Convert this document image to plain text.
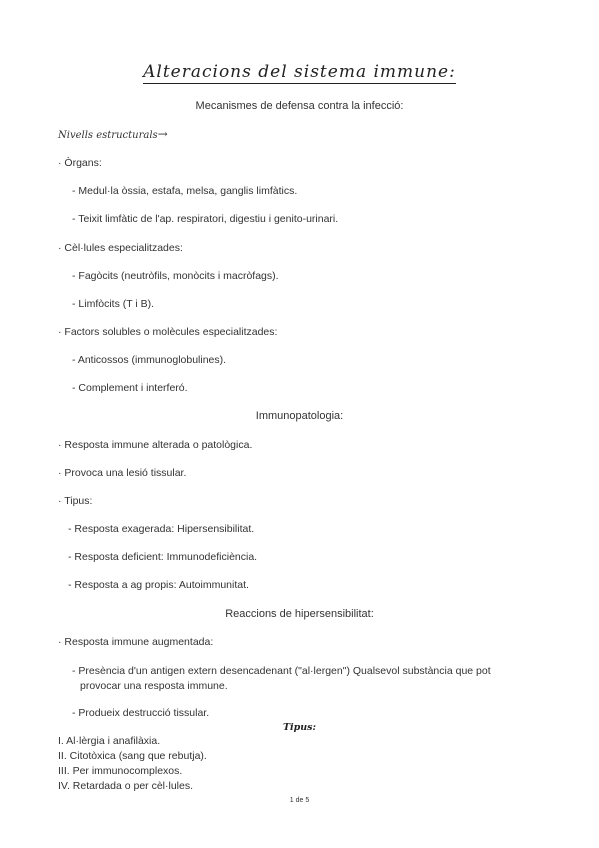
Alteracions del sistema immune:
Mecanismes de defensa contra la infecció:
Nivells estructurals→
· Òrgans:
- Medul·la òssia, estafa, melsa, ganglis limfàtics.
- Teixit limfàtic de l'ap. respiratori, digestiu i genito-urinari.
· Cèl·lules especialitzades:
- Fagòcits (neutròfils, monòcits i macròfags).
- Limfòcits (T i B).
· Factors solubles o molècules especialitzades:
- Anticossos (immunoglobulines).
- Complement i interferó.
Immunopatologia:
· Resposta immune alterada o patològica.
· Provoca una lesió tissular.
· Tipus:
- Resposta exagerada: Hipersensibilitat.
- Resposta deficient: Immunodeficiència.
- Resposta a ag propis: Autoimmunitat.
Reaccions de hipersensibilitat:
· Resposta immune augmentada:
- Presència d'un antigen extern desencadenant ("al·lergen") Qualsevol substància que pot
provocar una resposta immune.
- Produeix destrucció tissular.
Tipus:
I. Al·lèrgia i anafilàxia.
II. Citotòxica (sang que rebutja).
III. Per immunocomplexos.
IV. Retardada o per cèl·lules.
1 de 5
